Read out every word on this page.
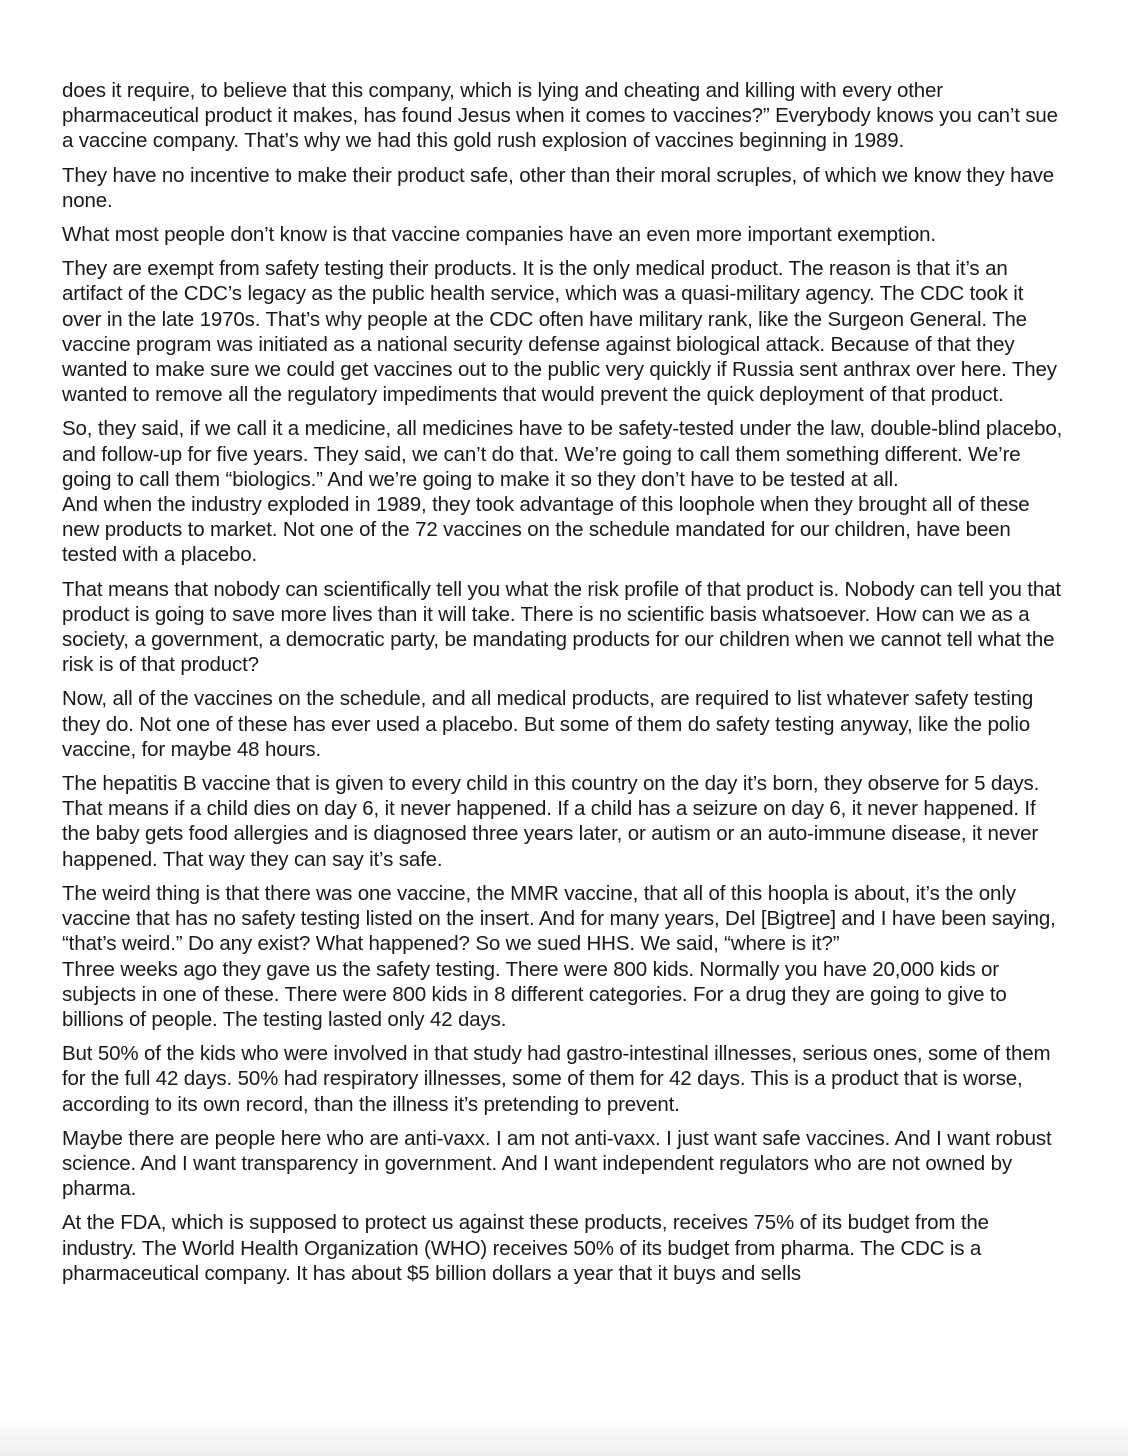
does it require, to believe that this company, which is lying and cheating and killing with every other pharmaceutical product it makes, has found Jesus when it comes to vaccines?” Everybody knows you can’t sue a vaccine company. That’s why we had this gold rush explosion of vaccines beginning in 1989.

They have no incentive to make their product safe, other than their moral scruples, of which we know they have none.

What most people don’t know is that vaccine companies have an even more important exemption.

They are exempt from safety testing their products. It is the only medical product. The reason is that it’s an artifact of the CDC’s legacy as the public health service, which was a quasi-military agency. The CDC took it over in the late 1970s. That’s why people at the CDC often have military rank, like the Surgeon General. The vaccine program was initiated as a national security defense against biological attack. Because of that they wanted to make sure we could get vaccines out to the public very quickly if Russia sent anthrax over here. They wanted to remove all the regulatory impediments that would prevent the quick deployment of that product.

So, they said, if we call it a medicine, all medicines have to be safety-tested under the law, double-blind placebo, and follow-up for five years. They said, we can’t do that. We’re going to call them something different. We’re going to call them “biologics.” And we’re going to make it so they don’t have to be tested at all.

And when the industry exploded in 1989, they took advantage of this loophole when they brought all of these new products to market. Not one of the 72 vaccines on the schedule mandated for our children, have been tested with a placebo.

That means that nobody can scientifically tell you what the risk profile of that product is. Nobody can tell you that product is going to save more lives than it will take. There is no scientific basis whatsoever. How can we as a society, a government, a democratic party, be mandating products for our children when we cannot tell what the risk is of that product?

Now, all of the vaccines on the schedule, and all medical products, are required to list whatever safety testing they do. Not one of these has ever used a placebo. But some of them do safety testing anyway, like the polio vaccine, for maybe 48 hours.

The hepatitis B vaccine that is given to every child in this country on the day it’s born, they observe for 5 days. That means if a child dies on day 6, it never happened. If a child has a seizure on day 6, it never happened. If the baby gets food allergies and is diagnosed three years later, or autism or an auto-immune disease, it never happened. That way they can say it’s safe.

The weird thing is that there was one vaccine, the MMR vaccine, that all of this hoopla is about, it’s the only vaccine that has no safety testing listed on the insert. And for many years, Del [Bigtree] and I have been saying, “that’s weird.” Do any exist? What happened? So we sued HHS. We said, “where is it?”

Three weeks ago they gave us the safety testing. There were 800 kids. Normally you have 20,000 kids or subjects in one of these. There were 800 kids in 8 different categories. For a drug they are going to give to billions of people. The testing lasted only 42 days.

But 50% of the kids who were involved in that study had gastro-intestinal illnesses, serious ones, some of them for the full 42 days. 50% had respiratory illnesses, some of them for 42 days. This is a product that is worse, according to its own record, than the illness it’s pretending to prevent.

Maybe there are people here who are anti-vaxx. I am not anti-vaxx. I just want safe vaccines. And I want robust science. And I want transparency in government. And I want independent regulators who are not owned by pharma.

At the FDA, which is supposed to protect us against these products, receives 75% of its budget from the industry. The World Health Organization (WHO) receives 50% of its budget from pharma. The CDC is a pharmaceutical company. It has about $5 billion dollars a year that it buys and sells
